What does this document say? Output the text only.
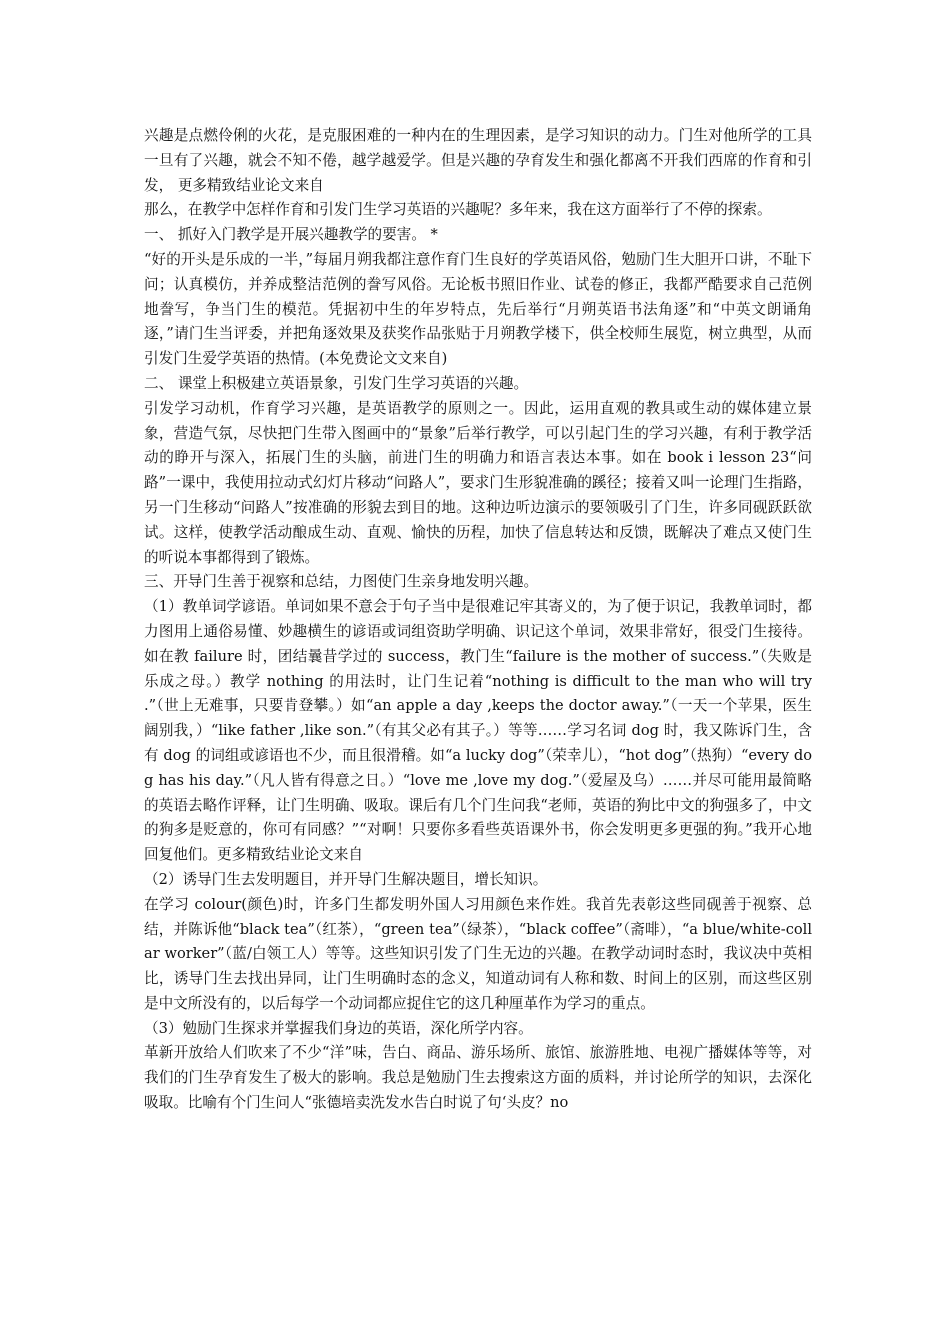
兴趣是点燃伶俐的火花，是克服困难的一种内在的生理因素，是学习知识的动力。门生对他所学的工具一旦有了兴趣，就会不知不倦，越学越爱学。但是兴趣的孕育发生和强化都离不开我们西席的作育和引发， 更多精致结业论文来自

那么，在教学中怎样作育和引发门生学习英语的兴趣呢？多年来，我在这方面举行了不停的探索。

一、 抓好入门教学是开展兴趣教学的要害。 *

“好的开头是乐成的一半，”每届月朔我都注意作育门生良好的学英语风俗，勉励门生大胆开口讲，不耻下问；认真模仿，并养成整洁范例的誊写风俗。无论板书照旧作业、试卷的修正，我都严酷要求自己范例地誊写，争当门生的模范。凭据初中生的年岁特点，先后举行“月朔英语书法角逐”和“中英文朗诵角逐，”请门生当评委，并把角逐效果及获奖作品张贴于月朔教学楼下，供全校师生展览，树立典型，从而引发门生爱学英语的热情。(本免费论文文来自)

二、 课堂上积极建立英语景象，引发门生学习英语的兴趣。

引发学习动机，作育学习兴趣，是英语教学的原则之一。因此，运用直观的教具或生动的媒体建立景象，营造气氛，尽快把门生带入图画中的“景象”后举行教学，可以引起门生的学习兴趣，有利于教学活动的睁开与深入，拓展门生的头脑，前进门生的明确力和语言表达本事。如在 book ⅰ lesson 23“问路”一课中，我使用拉动式幻灯片移动“问路人”，要求门生形貌准确的蹊径；接着又叫一论理门生指路，另一门生移动“问路人”按准确的形貌去到目的地。这种边听边演示的要领吸引了门生，许多同砚跃跃欲试。这样，使教学活动酿成生动、直观、愉快的历程，加快了信息转达和反馈，既解决了难点又使门生的听说本事都得到了锻炼。

三、开导门生善于视察和总结，力图使门生亲身地发明兴趣。

（1）教单词学谚语。单词如果不意会于句子当中是很难记牢其寄义的，为了便于识记，我教单词时，都力图用上通俗易懂、妙趣横生的谚语或词组资助学明确、识记这个单词，效果非常好，很受门生接待。如在教 failure 时，团结曩昔学过的 success，教门生“failure is the mother of success.”（失败是乐成之母。）教学 nothing 的用法时，让门生记着“nothing is difficult to the man who will try .”（世上无难事，只要肯登攀。）如“an apple a day ,keeps the doctor away.”（一天一个苹果，医生阔别我，）“like father ,like son.”（有其父必有其子。）等等……学习名词 dog 时，我又陈诉门生，含有 dog 的词组或谚语也不少，而且很滑稽。如“a lucky dog”（荣幸儿），“hot dog”（热狗）“every dog has his day.”（凡人皆有得意之日。）“love me ,love my dog.”（爱屋及乌）……并尽可能用最简略的英语去略作评释，让门生明确、吸取。课后有几个门生问我“老师，英语的狗比中文的狗强多了，中文的狗多是贬意的，你可有同感？”“对啊！只要你多看些英语课外书，你会发明更多更强的狗。”我开心地回复他们。更多精致结业论文来自

（2）诱导门生去发明题目，并开导门生解决题目，增长知识。

在学习 colour(颜色)时，许多门生都发明外国人习用颜色来作姓。我首先表彰这些同砚善于视察、总结，并陈诉他“black tea”（红茶），“green tea”（绿茶），“black coffee”（斋啡），“a blue/white-collar worker”（蓝/白领工人）等等。这些知识引发了门生无边的兴趣。在教学动词时态时，我议决中英相比，诱导门生去找出异同，让门生明确时态的念义，知道动词有人称和数、时间上的区别，而这些区别是中文所没有的，以后每学一个动词都应捉住它的这几种厘革作为学习的重点。

（3）勉励门生探求并掌握我们身边的英语，深化所学内容。

革新开放给人们吹来了不少“洋”味，告白、商品、游乐场所、旅馆、旅游胜地、电视广播媒体等等，对我们的门生孕育发生了极大的影响。我总是勉励门生去搜索这方面的质料，并讨论所学的知识，去深化吸取。比喻有个门生问人“张德培卖洗发水告白时说了句‘头皮？no
